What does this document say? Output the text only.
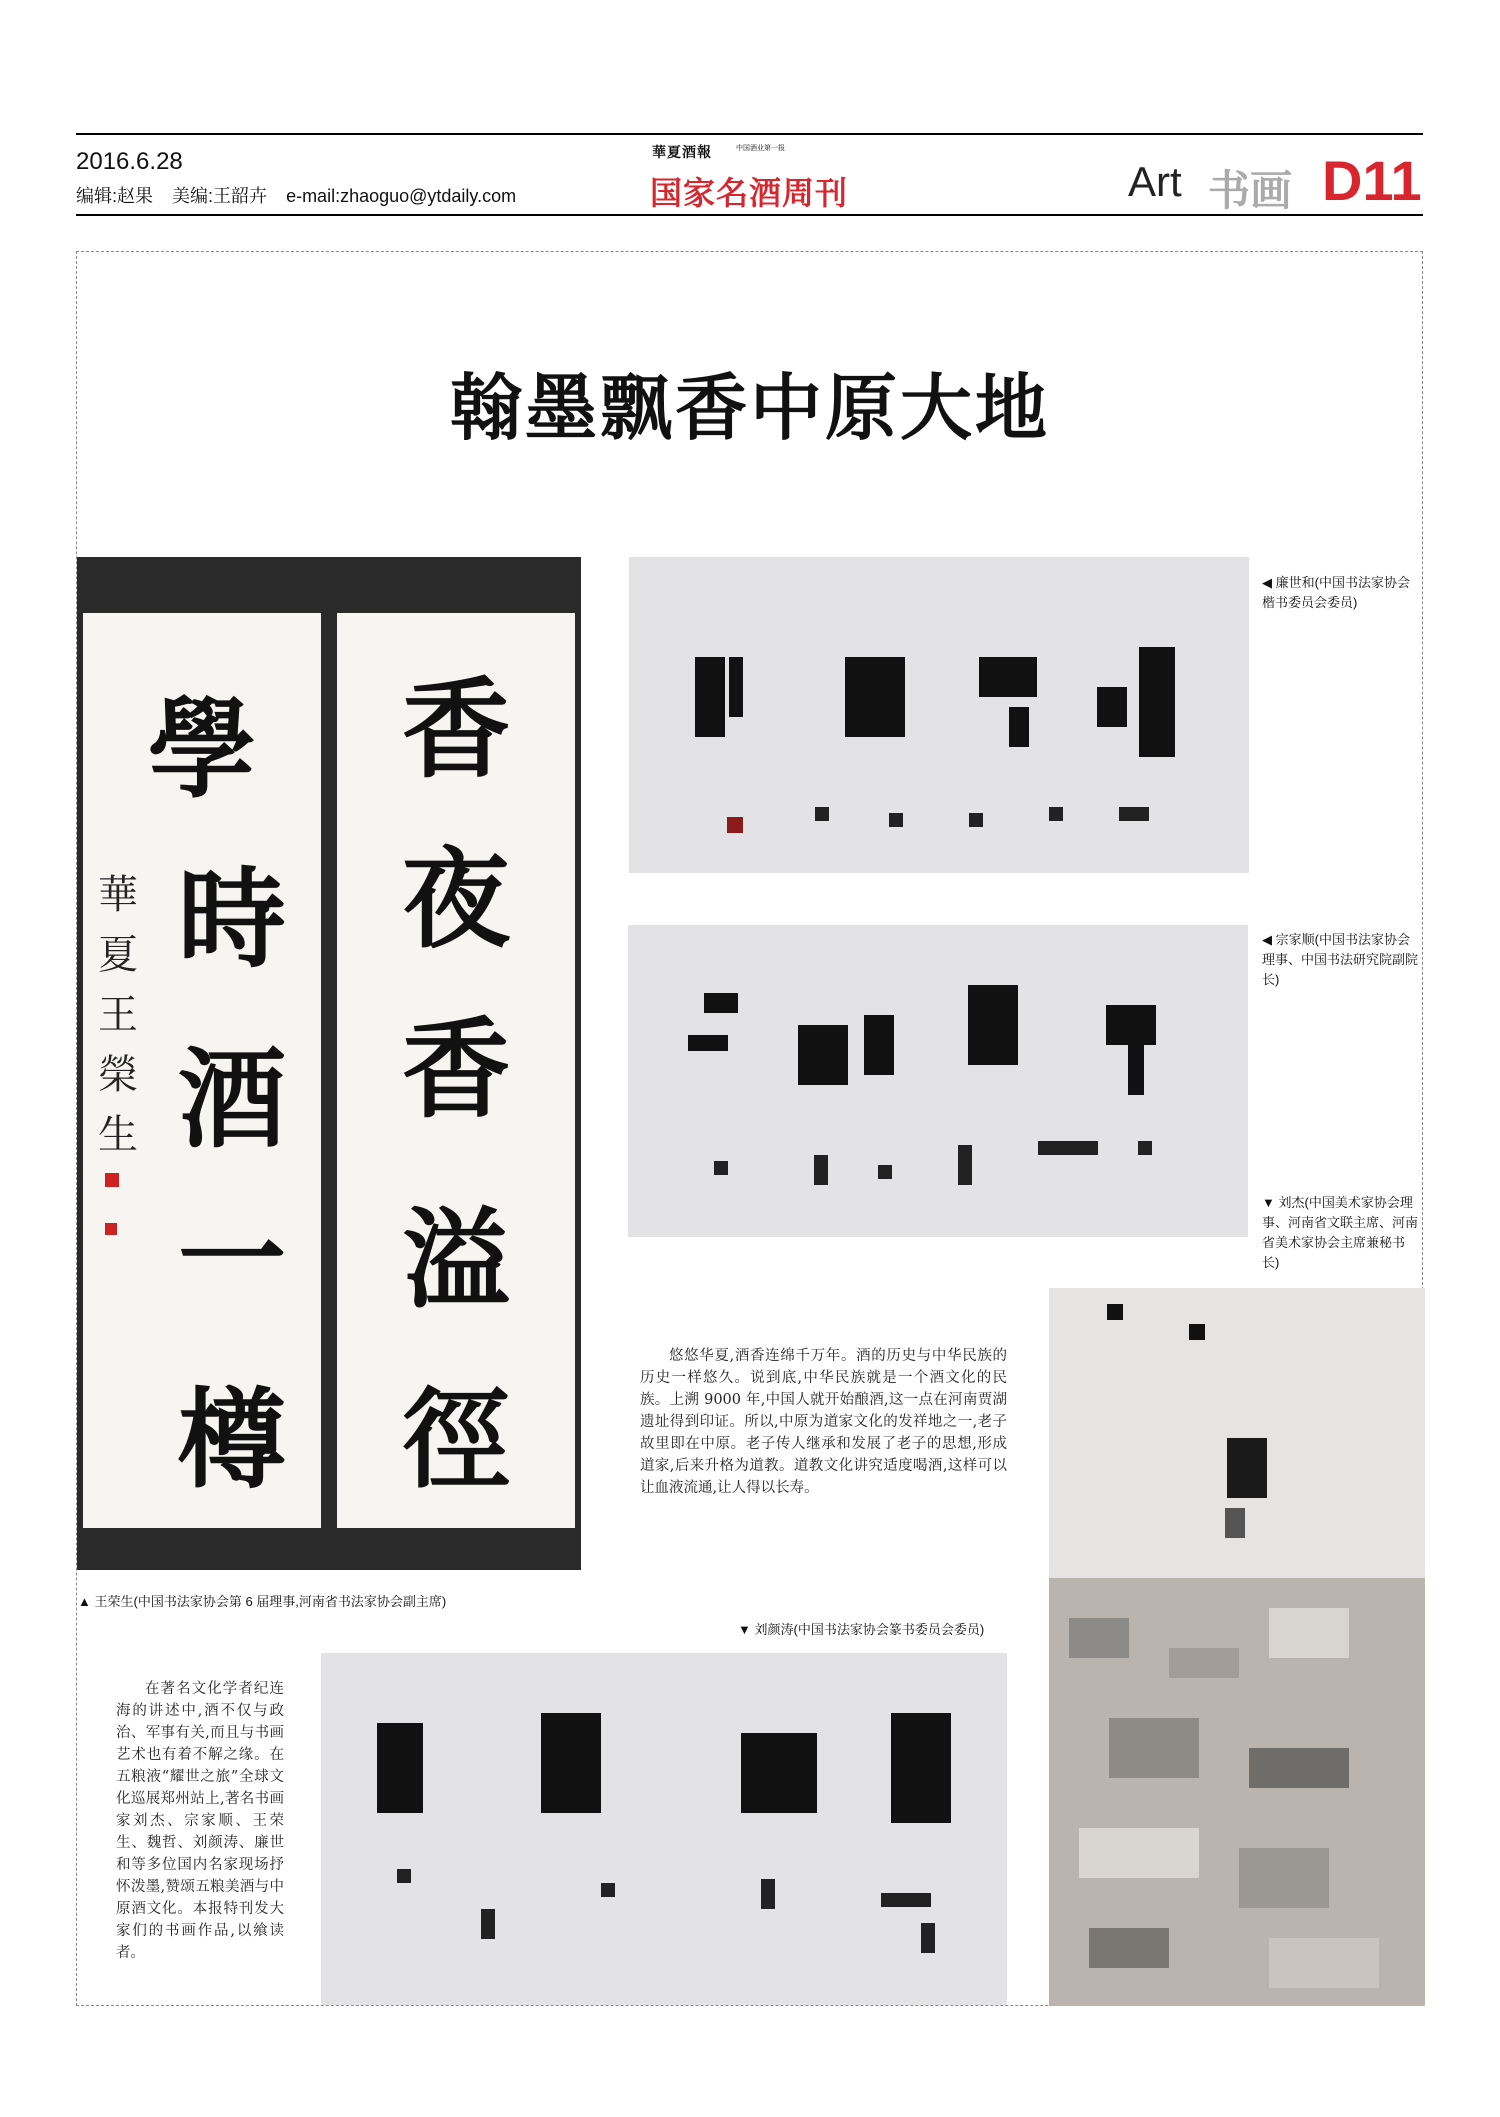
2016.6.28
编辑:赵果 美编:王韶卉 e-mail:zhaoguo@ytdaily.com
華夏酒報	中国酒业第一报
国家名酒周刊	Art 书画 D11
翰墨飘香中原大地
學
時
酒
一
樽
華
夏
王
榮
生
香
夜
香
溢
徑
▲ 王荣生(中国书法家协会第 6 届理事,河南省书法家协会副主席)
◀ 廉世和(中国书法家协会楷书委员会委员)
◀ 宗家顺(中国书法家协会理事、中国书法研究院副院长)
▼ 刘杰(中国美术家协会理事、河南省文联主席、河南省美术家协会主席兼秘书长)
悠悠华夏,酒香连绵千万年。酒的历史与中华民族的历史一样悠久。说到底,中华民族就是一个酒文化的民族。上溯 9000 年,中国人就开始酿酒,这一点在河南贾湖遗址得到印证。所以,中原为道家文化的发祥地之一,老子故里即在中原。老子传人继承和发展了老子的思想,形成道家,后来升格为道教。道教文化讲究适度喝酒,这样可以让血液流通,让人得以长寿。
在著名文化学者纪连海的讲述中,酒不仅与政治、军事有关,而且与书画艺术也有着不解之缘。在五粮液“耀世之旅”全球文化巡展郑州站上,著名书画家刘杰、宗家顺、王荣生、魏哲、刘颜涛、廉世和等多位国内名家现场抒怀泼墨,赞颂五粮美酒与中原酒文化。本报特刊发大家们的书画作品,以飨读者。
▼ 刘颜涛(中国书法家协会篆书委员会委员)
